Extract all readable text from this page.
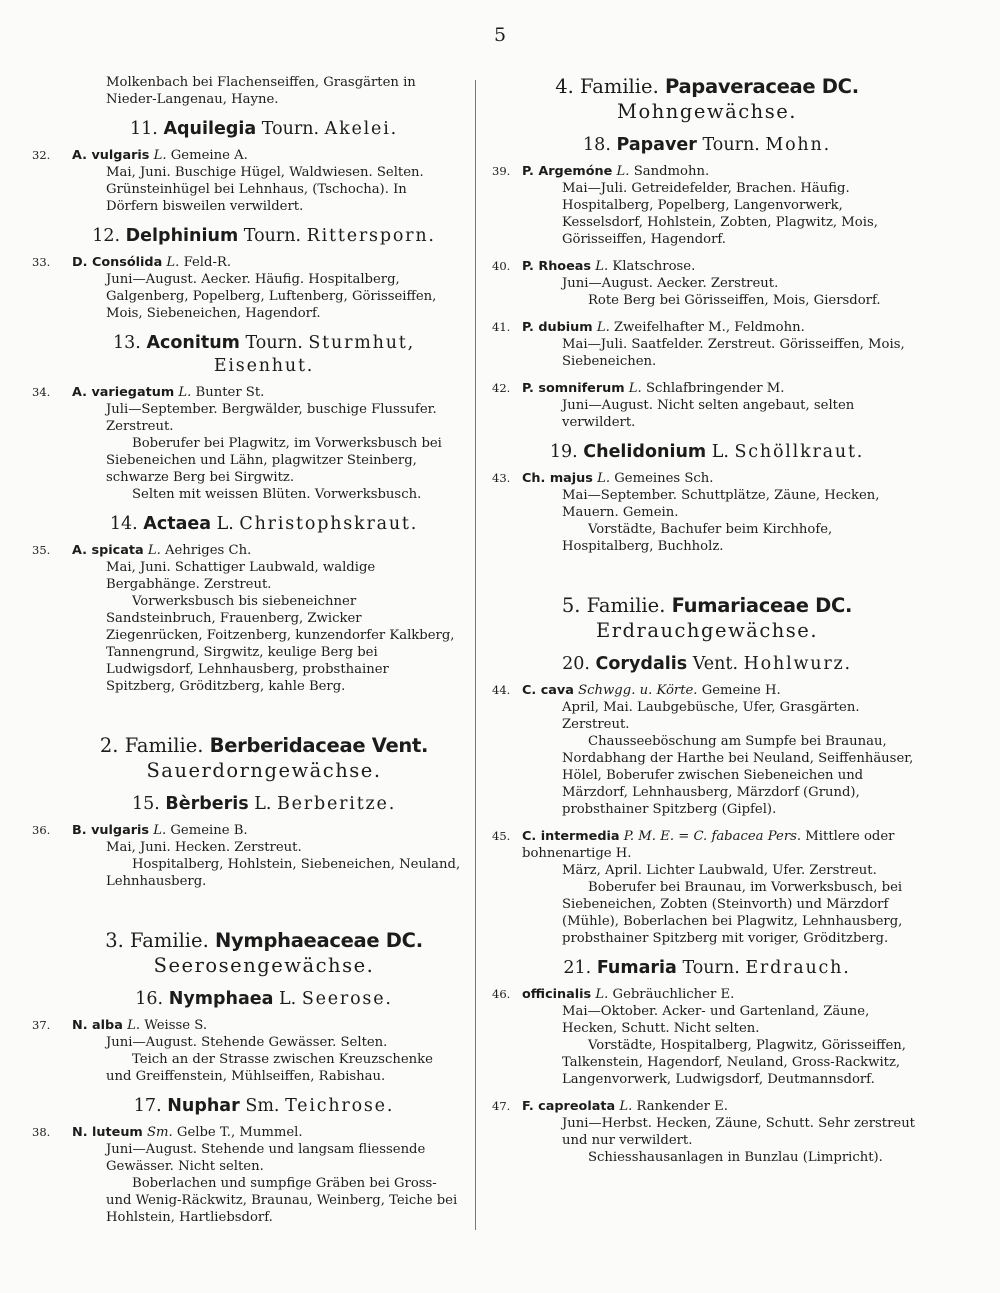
5

Molkenbach bei Flachenseiffen, Grasgärten in Nieder-Langenau, Hayne.

11. Aquilegia Tourn. Akelei.
32.	A. vulgaris L. Gemeine A.
Mai, Juni. Buschige Hügel, Waldwiesen. Selten. Grünsteinhügel bei Lehnhaus, (Tschocha). In Dörfern bisweilen verwildert.
12. Delphinium Tourn. Rittersporn.
33.	D. Consólida L. Feld-R.
Juni—August. Aecker. Häufig. Hospitalberg, Galgenberg, Popelberg, Luftenberg, Görisseiffen, Mois, Siebeneichen, Hagendorf.
13. Aconitum Tourn. Sturmhut, Eisenhut.
34.	A. variegatum L. Bunter St.
Juli—September. Bergwälder, buschige Flussufer. Zerstreut.

Boberufer bei Plagwitz, im Vorwerksbusch bei Siebeneichen und Lähn, plagwitzer Steinberg, schwarze Berg bei Sirgwitz.

Selten mit weissen Blüten. Vorwerksbusch.

14. Actaea L. Christophskraut.
35.	A. spicata L. Aehriges Ch.
Mai, Juni. Schattiger Laubwald, waldige Bergabhänge. Zerstreut.

Vorwerksbusch bis siebeneichner Sandsteinbruch, Frauenberg, Zwicker Ziegenrücken, Foitzenberg, kunzendorfer Kalkberg, Tannengrund, Sirgwitz, keulige Berg bei Ludwigsdorf, Lehnhausberg, probsthainer Spitzberg, Gröditzberg, kahle Berg.

2. Familie. Berberidaceae Vent.
Sauerdorngewächse.
15. Bèrberis L. Berberitze.
36.	B. vulgaris L. Gemeine B.
Mai, Juni. Hecken. Zerstreut.

Hospitalberg, Hohlstein, Siebeneichen, Neuland, Lehnhausberg.

3. Familie. Nymphaeaceae DC.
Seerosengewächse.
16. Nymphaea L. Seerose.
37.	N. alba L. Weisse S.
Juni—August. Stehende Gewässer. Selten.

Teich an der Strasse zwischen Kreuzschenke und Greiffenstein, Mühlseiffen, Rabishau.

17. Nuphar Sm. Teichrose.
38.	N. luteum Sm. Gelbe T., Mummel.
Juni—August. Stehende und langsam fliessende Gewässer. Nicht selten.

Boberlachen und sumpfige Gräben bei Gross- und Wenig-Räckwitz, Braunau, Weinberg, Teiche bei Hohlstein, Hartliebsdorf.

4. Familie. Papaveraceae DC.
Mohngewächse.
18. Papaver Tourn. Mohn.
39. P. Argemóne L. Sandmohn.
Mai—Juli. Getreidefelder, Brachen. Häufig. Hospitalberg, Popelberg, Langenvorwerk, Kesselsdorf, Hohlstein, Zobten, Plagwitz, Mois, Görisseiffen, Hagendorf.
40. P. Rhoeas L. Klatschrose.
Juni—August. Aecker. Zerstreut.

Rote Berg bei Görisseiffen, Mois, Giersdorf.

41. P. dubium L. Zweifelhafter M., Feldmohn.
Mai—Juli. Saatfelder. Zerstreut. Görisseiffen, Mois, Siebeneichen.
42. P. somniferum L. Schlafbringender M.
Juni—August. Nicht selten angebaut, selten verwildert.
19. Chelidonium L. Schöllkraut.
43. Ch. majus L. Gemeines Sch.
Mai—September. Schuttplätze, Zäune, Hecken, Mauern. Gemein.

Vorstädte, Bachufer beim Kirchhofe, Hospitalberg, Buchholz.

5. Familie. Fumariaceae DC.
Erdrauchgewächse.
20. Corydalis Vent. Hohlwurz.
44. C. cava Schwgg. u. Körte. Gemeine H.
April, Mai. Laubgebüsche, Ufer, Grasgärten. Zerstreut.

Chausseeböschung am Sumpfe bei Braunau, Nordabhang der Harthe bei Neuland, Seiffenhäuser, Hölel, Boberufer zwischen Siebeneichen und Märzdorf, Lehnhausberg, Märzdorf (Grund), probsthainer Spitzberg (Gipfel).

45. C. intermedia P. M. E. = C. fabacea Pers. Mittlere oder bohnenartige H.
März, April. Lichter Laubwald, Ufer. Zerstreut.

Boberufer bei Braunau, im Vorwerksbusch, bei Siebeneichen, Zobten (Steinvorth) und Märzdorf (Mühle), Boberlachen bei Plagwitz, Lehnhausberg, probsthainer Spitzberg mit voriger, Gröditzberg.

21. Fumaria Tourn. Erdrauch.
46. officinalis L. Gebräuchlicher E.
Mai—Oktober. Acker- und Gartenland, Zäune, Hecken, Schutt. Nicht selten.

Vorstädte, Hospitalberg, Plagwitz, Görisseiffen, Talkenstein, Hagendorf, Neuland, Gross-Rackwitz, Langenvorwerk, Ludwigsdorf, Deutmannsdorf.

47. F. capreolata L. Rankender E.
Juni—Herbst. Hecken, Zäune, Schutt. Sehr zerstreut und nur verwildert.

Schiesshausanlagen in Bunzlau (Limpricht).
